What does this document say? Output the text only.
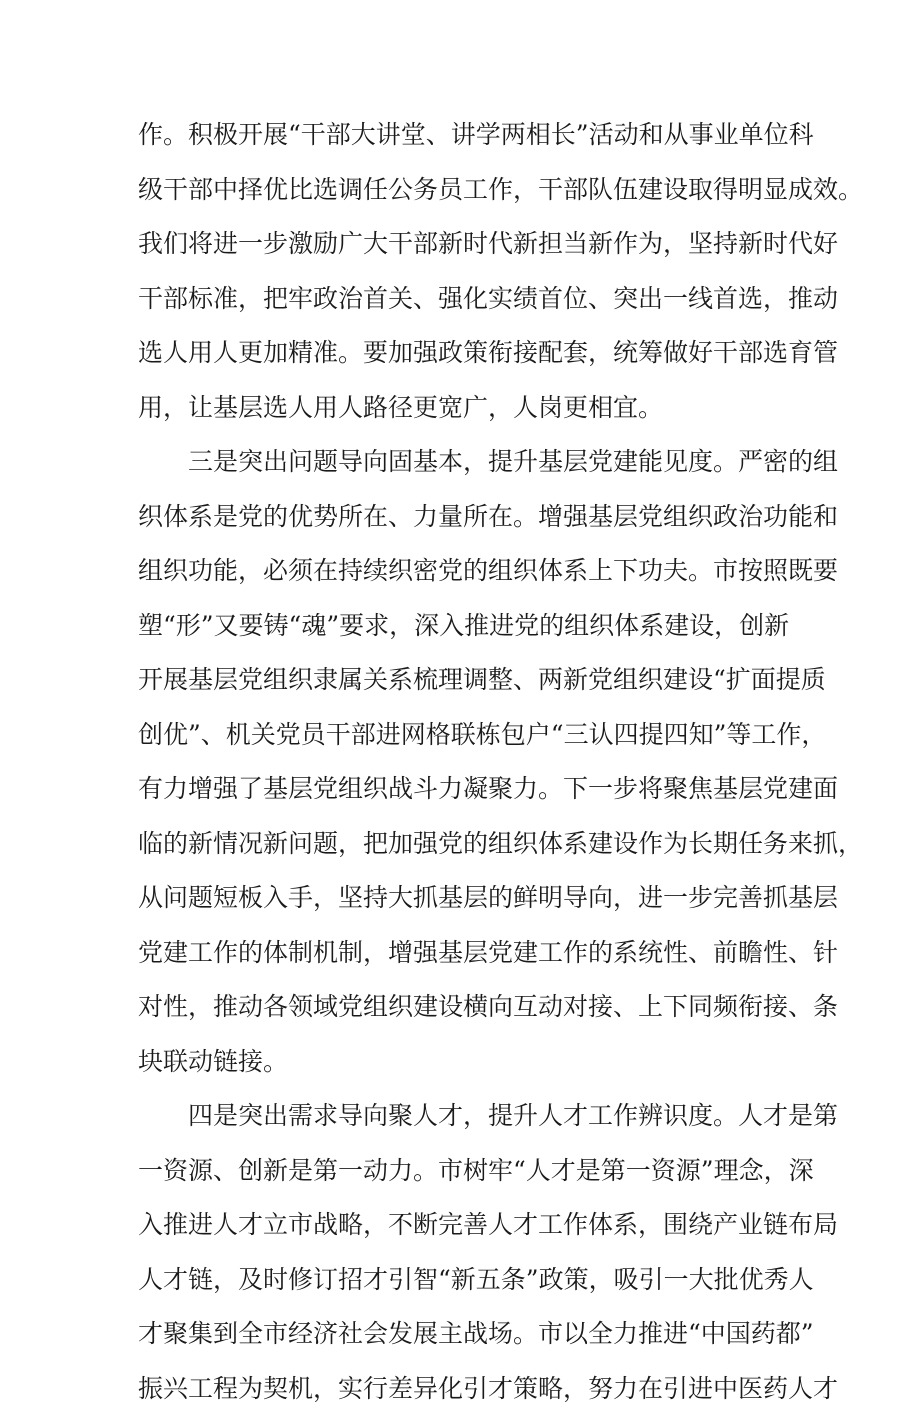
作。积极开展“干部大讲堂、讲学两相长”活动和从事业单位科
级干部中择优比选调任公务员工作，干部队伍建设取得明显成效。
我们将进一步激励广大干部新时代新担当新作为，坚持新时代好
干部标准，把牢政治首关、强化实绩首位、突出一线首选，推动
选人用人更加精准。要加强政策衔接配套，统筹做好干部选育管
用，让基层选人用人路径更宽广，人岗更相宜。
三是突出问题导向固基本，提升基层党建能见度。严密的组
织体系是党的优势所在、力量所在。增强基层党组织政治功能和
组织功能，必须在持续织密党的组织体系上下功夫。市按照既要
塑“形”又要铸“魂”要求，深入推进党的组织体系建设，创新
开展基层党组织隶属关系梳理调整、两新党组织建设“扩面提质
创优”、机关党员干部进网格联栋包户“三认四提四知”等工作，
有力增强了基层党组织战斗力凝聚力。下一步将聚焦基层党建面
临的新情况新问题，把加强党的组织体系建设作为长期任务来抓，
从问题短板入手，坚持大抓基层的鲜明导向，进一步完善抓基层
党建工作的体制机制，增强基层党建工作的系统性、前瞻性、针
对性，推动各领域党组织建设横向互动对接、上下同频衔接、条
块联动链接。
四是突出需求导向聚人才，提升人才工作辨识度。人才是第
一资源、创新是第一动力。市树牢“人才是第一资源”理念，深
入推进人才立市战略，不断完善人才工作体系，围绕产业链布局
人才链，及时修订招才引智“新五条”政策，吸引一大批优秀人
才聚集到全市经济社会发展主战场。市以全力推进“中国药都”
振兴工程为契机，实行差异化引才策略，努力在引进中医药人才
